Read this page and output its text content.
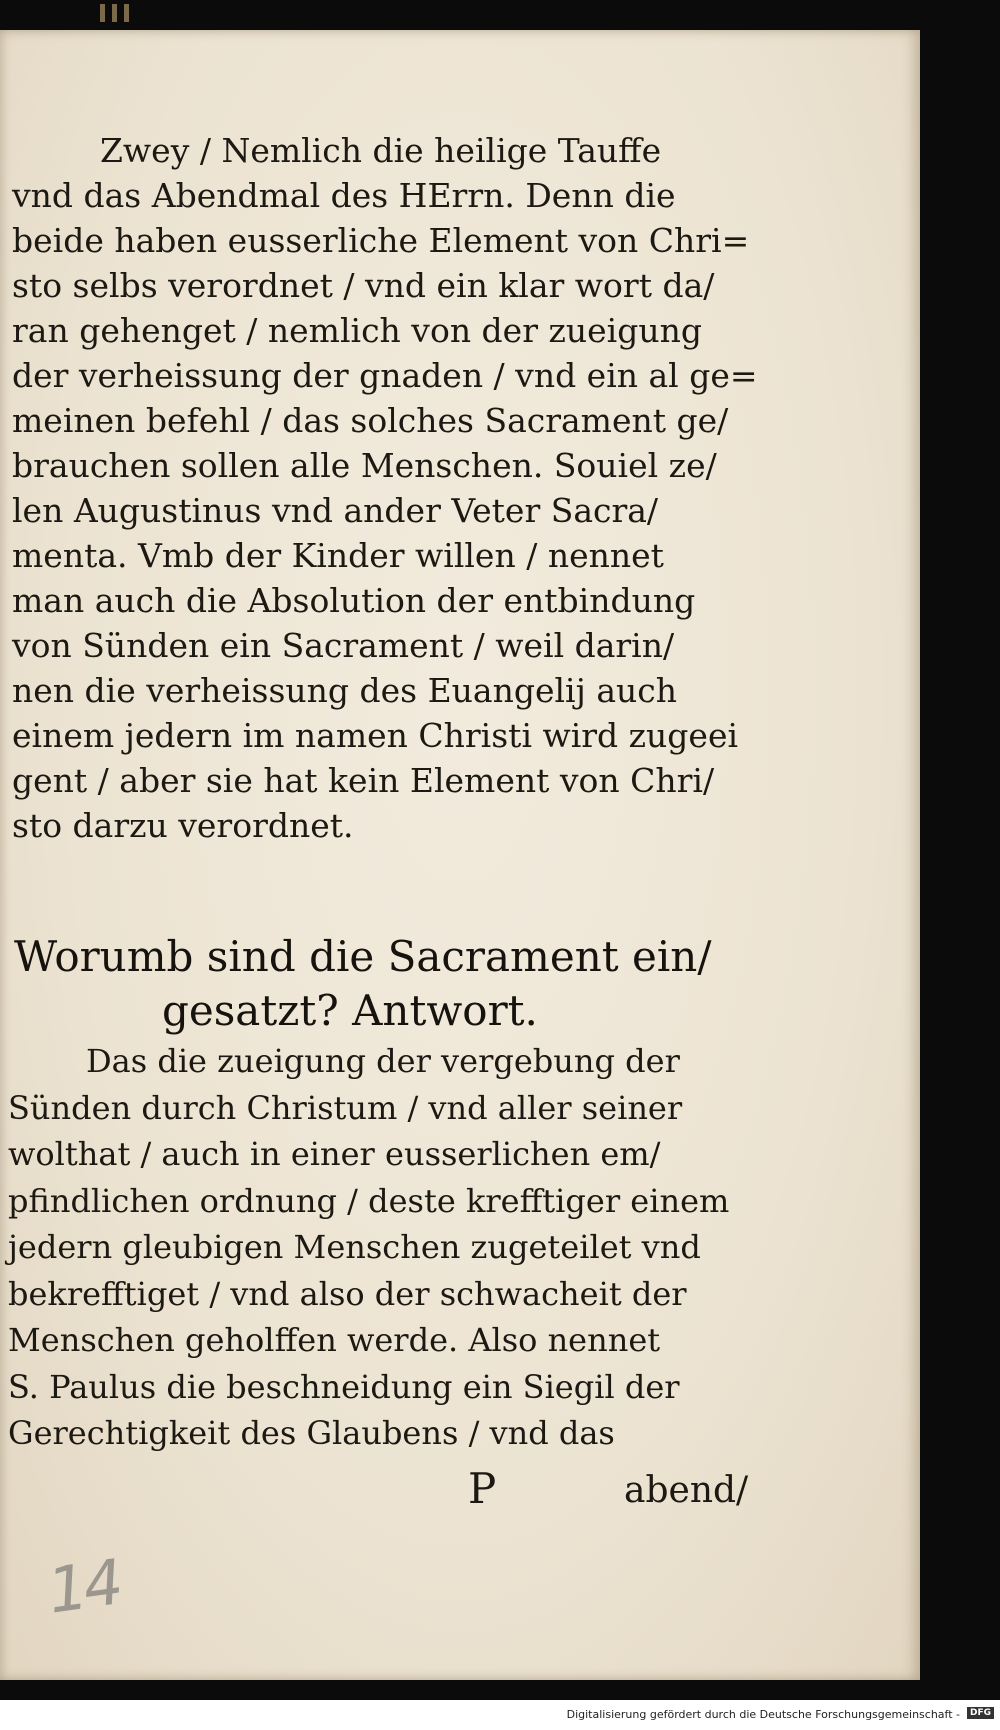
Zwey / Nemlich die heilige Tauffe
vnd das Abendmal des HErrn. Denn die
beide haben eusserliche Element von Chri=
sto selbs verordnet / vnd ein klar wort da/
ran gehenget / nemlich von der zueigung
der verheissung der gnaden / vnd ein al ge=
meinen befehl / das solches Sacrament ge/
brauchen sollen alle Menschen. Souiel ze/
len Augustinus vnd ander Veter Sacra/
menta. Vmb der Kinder willen / nennet
man auch die Absolution der entbindung
von Sünden ein Sacrament / weil darin/
nen die verheissung des Euangelij auch
einem jedern im namen Christi wird zugeei
gent / aber sie hat kein Element von Chri/
sto darzu verordnet.
Worumb sind die Sacrament ein/
gesatzt? Antwort.
Das die zueigung der vergebung der
Sünden durch Christum / vnd aller seiner
wolthat / auch in einer eusserlichen em/
pfindlichen ordnung / deste krefftiger einem
jedern gleubigen Menschen zugeteilet vnd
bekrefftiget / vnd also der schwacheit der
Menschen geholffen werde. Also nennet
S. Paulus die beschneidung ein Siegil der
Gerechtigkeit des Glaubens / vnd das
P	abend/
14
Digitalisierung gefördert durch die Deutsche Forschungsgemeinschaft -	DFG
